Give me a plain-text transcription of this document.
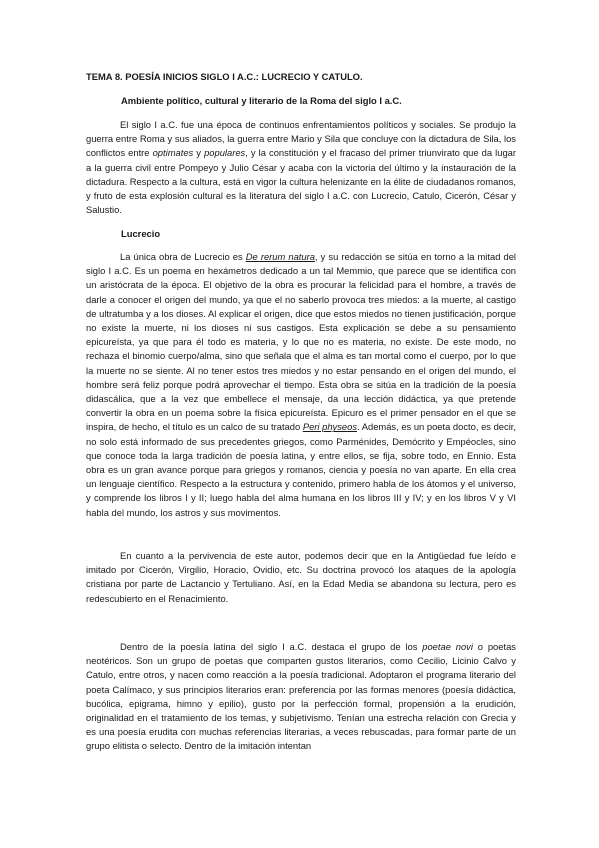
TEMA 8. POESÍA INICIOS SIGLO I A.C.: LUCRECIO Y CATULO.
Ambiente político, cultural y literario de la Roma del siglo I a.C.
El siglo I a.C. fue una época de continuos enfrentamientos políticos y sociales. Se produjo la guerra entre Roma y sus aliados, la guerra entre Mario y Sila que concluye con la dictadura de Sila, los conflictos entre optimates y populares, y la constitución y el fracaso del primer triunvirato que da lugar a la guerra civil entre Pompeyo y Julio César y acaba con la victoria del último y la instauración de la dictadura. Respecto a la cultura, está en vigor la cultura helenizante en la élite de ciudadanos romanos, y fruto de esta explosión cultural es la literatura del siglo I a.C. con Lucrecio, Catulo, Cicerón, César y Salustio.
Lucrecio
La única obra de Lucrecio es De rerum natura, y su redacción se sitúa en torno a la mitad del siglo I a.C. Es un poema en hexámetros dedicado a un tal Memmio, que parece que se identifica con un aristócrata de la época. El objetivo de la obra es procurar la felicidad para el hombre, a través de darle a conocer el origen del mundo, ya que el no saberlo provoca tres miedos: a la muerte, al castigo de ultratumba y a los dioses. Al explicar el origen, dice que estos miedos no tienen justificación, porque no existe la muerte, ni los dioses ni sus castigos. Esta explicación se debe a su pensamiento epicureísta, ya que para él todo es materia, y lo que no es materia, no existe. De este modo, no rechaza el binomio cuerpo/alma, sino que señala que el alma es tan mortal como el cuerpo, por lo que la muerte no se siente. Al no tener estos tres miedos y no estar pensando en el origen del mundo, el hombre será feliz porque podrá aprovechar el tiempo. Esta obra se sitúa en la tradición de la poesía didascálica, que a la vez que embellece el mensaje, da una lección didáctica, ya que pretende convertir la obra en un poema sobre la física epicureísta. Epicuro es el primer pensador en el que se inspira, de hecho, el título es un calco de su tratado Peri physeos. Además, es un poeta docto, es decir, no solo está informado de sus precedentes griegos, como Parménides, Demócrito y Empéocles, sino que conoce toda la larga tradición de poesía latina, y entre ellos, se fija, sobre todo, en Ennio. Esta obra es un gran avance porque para griegos y romanos, ciencia y poesía no van aparte. En ella crea un lenguaje científico. Respecto a la estructura y contenido, primero habla de los átomos y el universo, y comprende los libros I y II; luego habla del alma humana en los libros III y IV; y en los libros V y VI habla del mundo, los astros y sus movimentos.
En cuanto a la pervivencia de este autor, podemos decir que en la Antigüedad fue leído e imitado por Cicerón, Virgilio, Horacio, Ovidio, etc. Su doctrina provocó los ataques de la apología cristiana por parte de Lactancio y Tertuliano. Así, en la Edad Media se abandona su lectura, pero es redescubierto en el Renacimiento.
Dentro de la poesía latina del siglo I a.C. destaca el grupo de los poetae novi o poetas neotéricos. Son un grupo de poetas que comparten gustos literarios, como Cecilio, Licinio Calvo y Catulo, entre otros, y nacen como reacción a la poesía tradicional. Adoptaron el programa literario del poeta Calímaco, y sus principios literarios eran: preferencia por las formas menores (poesía didáctica, bucólica, epigrama, himno y epilio), gusto por la perfección formal, propensión a la erudición, originalidad en el tratamiento de los temas, y subjetivismo. Tenían una estrecha relación con Grecia y es una poesía erudita con muchas referencias literarias, a veces rebuscadas, para formar parte de un grupo elitista o selecto. Dentro de la imitación intentan
